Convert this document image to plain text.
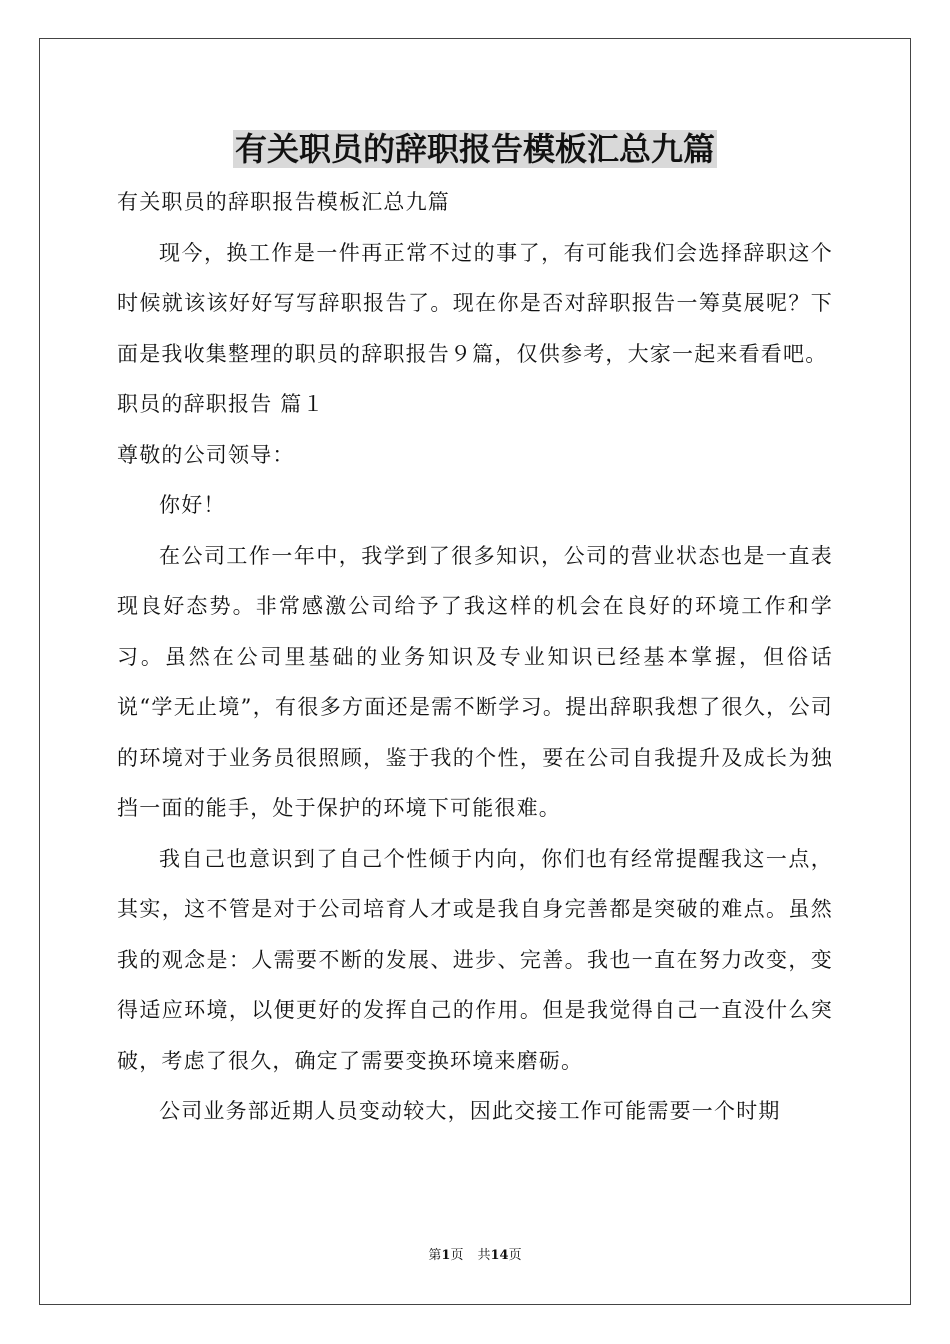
有关职员的辞职报告模板汇总九篇

有关职员的辞职报告模板汇总九篇

现今，换工作是一件再正常不过的事了，有可能我们会选择辞职这个时候就该该好好写写辞职报告了。现在你是否对辞职报告一筹莫展呢？下面是我收集整理的职员的辞职报告９篇，仅供参考，大家一起来看看吧。

职员的辞职报告 篇１

尊敬的公司领导：

你好！

在公司工作一年中，我学到了很多知识，公司的营业状态也是一直表现良好态势。非常感激公司给予了我这样的机会在良好的环境工作和学习。虽然在公司里基础的业务知识及专业知识已经基本掌握，但俗话说“学无止境”，有很多方面还是需不断学习。提出辞职我想了很久，公司的环境对于业务员很照顾，鉴于我的个性，要在公司自我提升及成长为独挡一面的能手，处于保护的环境下可能很难。

我自己也意识到了自己个性倾于内向，你们也有经常提醒我这一点，其实，这不管是对于公司培育人才或是我自身完善都是突破的难点。虽然我的观念是：人需要不断的发展、进步、完善。我也一直在努力改变，变得适应环境，以便更好的发挥自己的作用。但是我觉得自己一直没什么突破，考虑了很久，确定了需要变换环境来磨砺。

公司业务部近期人员变动较大，因此交接工作可能需要一个时期

第1页 共14页
